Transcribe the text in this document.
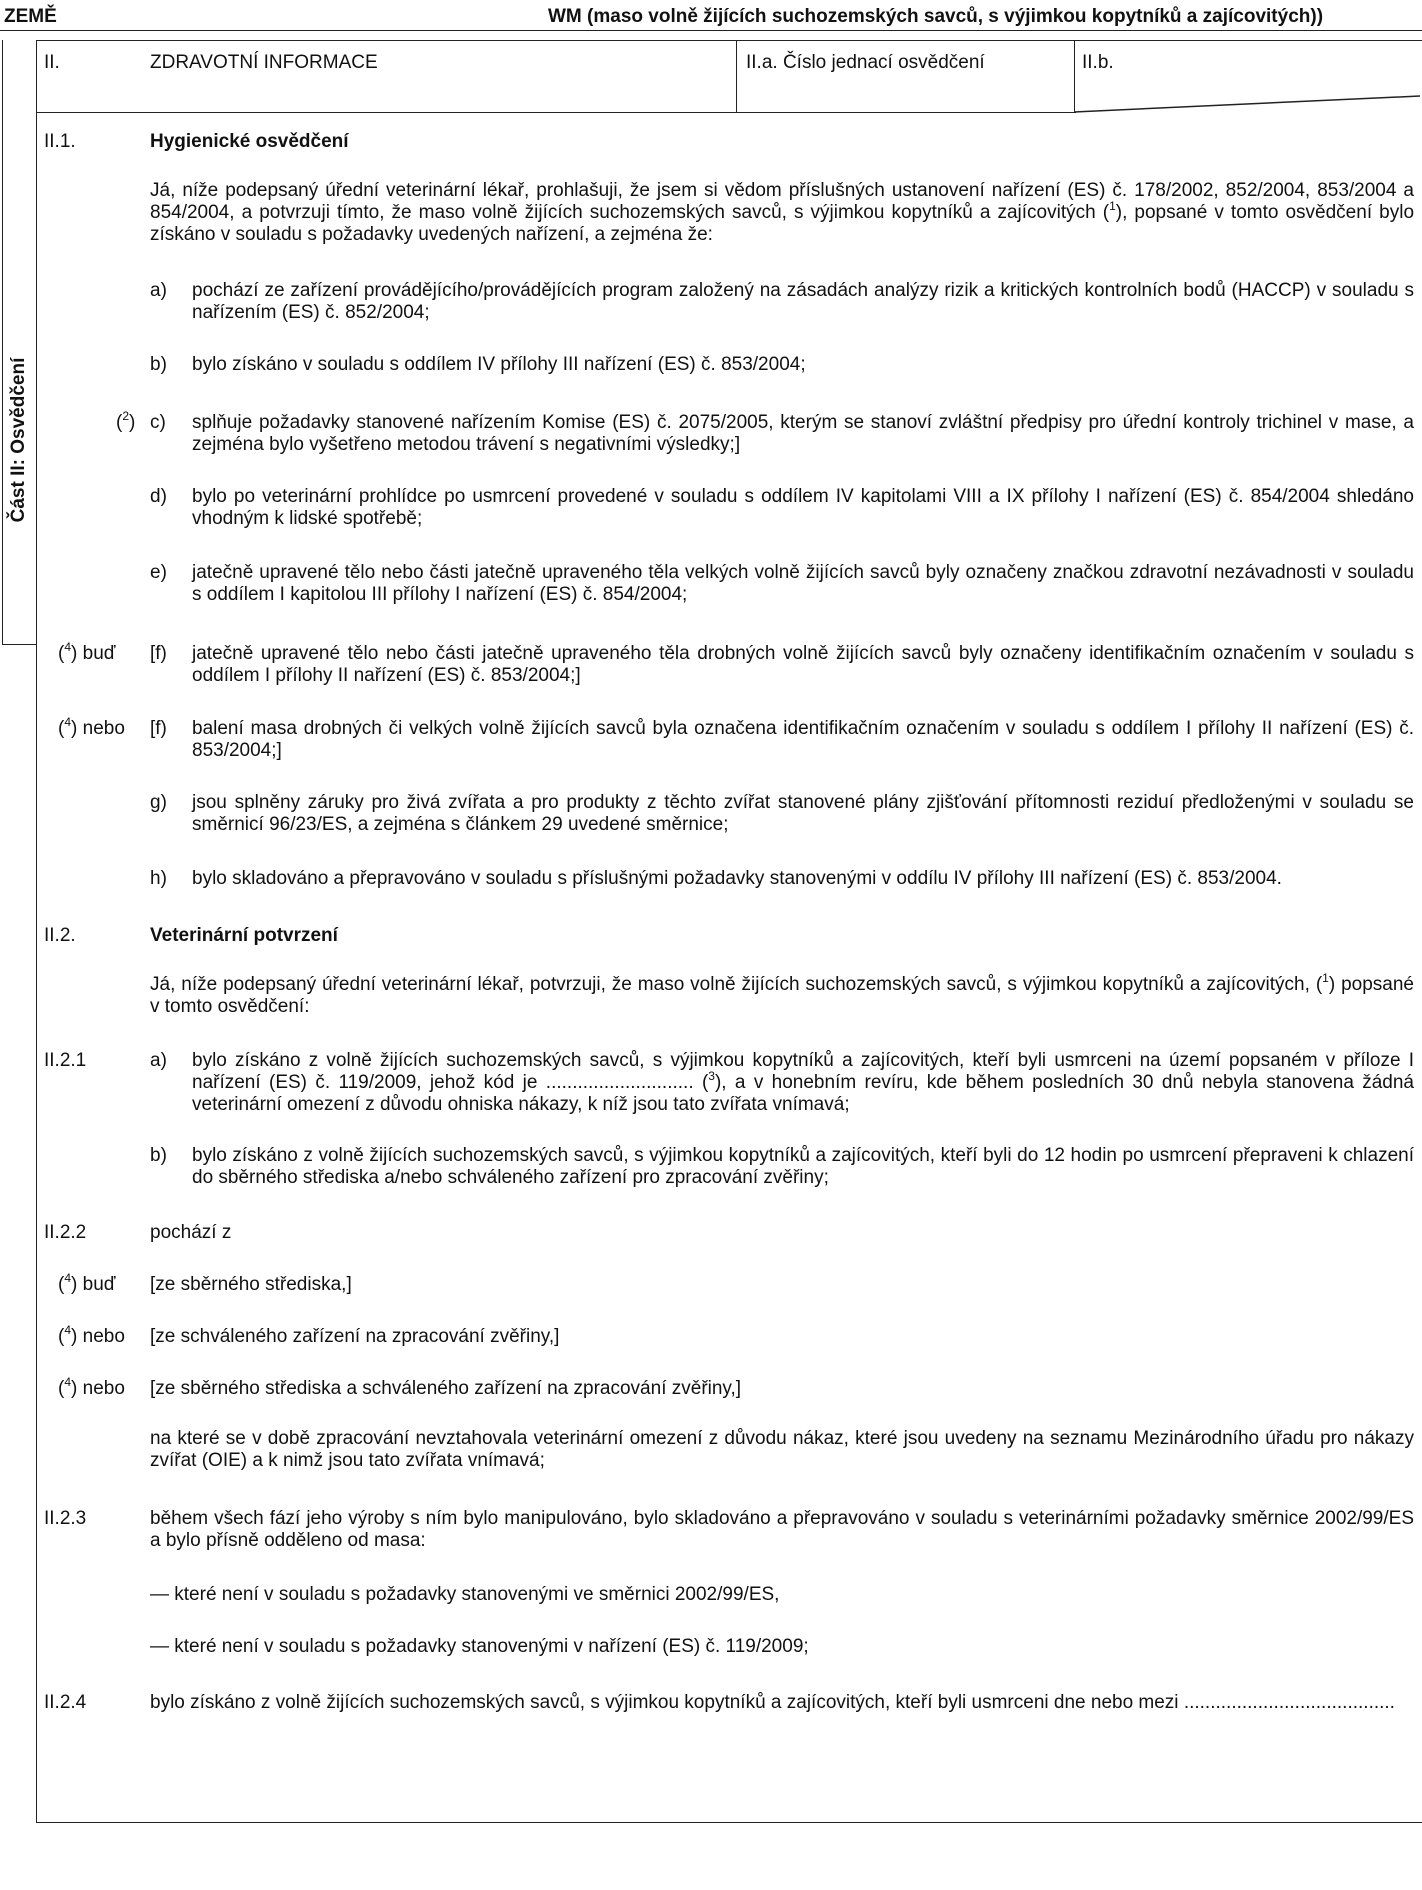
Část II: Osvědčení
ZEMĚ	WM (maso volně žijících suchozemských savců, s výjimkou kopytníků a zajícovitých))
II.	ZDRAVOTNÍ INFORMACE	II.a. Číslo jednací osvědčení	II.b.
II.1.	Hygienické osvědčení
Já, níže podepsaný úřední veterinární lékař, prohlašuji, že jsem si vědom příslušných ustanovení nařízení (ES) č. 178/2002, 852/2004, 853/2004 a 854/2004, a potvrzuji tímto, že maso volně žijících suchozemských savců, s výjimkou kopytníků a zajícovitých ($^1$), popsané v tomto osvědčení bylo získáno v souladu s požadavky uvedených nařízení, a zejména že:
a) pochází ze zařízení provádějícího/provádějících program založený na zásadách analýzy rizik a kritických kontrolních bodů (HACCP) v souladu s nařízením (ES) č. 852/2004;
b) bylo získáno v souladu s oddílem IV přílohy III nařízení (ES) č. 853/2004;
($^2$) c) splňuje požadavky stanovené nařízením Komise (ES) č. 2075/2005, kterým se stanoví zvláštní předpisy pro úřední kontroly trichinel v mase, a zejména bylo vyšetřeno metodou trávení s negativními výsledky;]
d) bylo po veterinární prohlídce po usmrcení provedené v souladu s oddílem IV kapitolami VIII a IX přílohy I nařízení (ES) č. 854/2004 shledáno vhodným k lidské spotřebě;
e) jatečně upravené tělo nebo části jatečně upraveného těla velkých volně žijících savců byly označeny značkou zdravotní nezávadnosti v souladu s oddílem I kapitolou III přílohy I nařízení (ES) č. 854/2004;
($^4$) buď [f) jatečně upravené tělo nebo části jatečně upraveného těla drobných volně žijících savců byly označeny identifikačním označením v souladu s oddílem I přílohy II nařízení (ES) č. 853/2004;]
($^4$) nebo [f) balení masa drobných či velkých volně žijících savců byla označena identifikačním označením v souladu s oddílem I přílohy II nařízení (ES) č. 853/2004;]
g) jsou splněny záruky pro živá zvířata a pro produkty z těchto zvířat stanovené plány zjišťování přítomnosti reziduí předloženými v souladu se směrnicí 96/23/ES, a zejména s článkem 29 uvedené směrnice;
h) bylo skladováno a přepravováno v souladu s příslušnými požadavky stanovenými v oddílu IV přílohy III nařízení (ES) č. 853/2004.
II.2.	Veterinární potvrzení
Já, níže podepsaný úřední veterinární lékař, potvrzuji, že maso volně žijících suchozemských savců, s výjimkou kopytníků a zajícovitých, ($^1$) popsané v tomto osvědčení:
II.2.1	a) bylo získáno z volně žijících suchozemských savců, s výjimkou kopytníků a zajícovitých, kteří byli usmrceni na území popsaném v příloze I nařízení (ES) č. 119/2009, jehož kód je ............................ ($^3$), a v honebním revíru, kde během posledních 30 dnů nebyla stanovena žádná veterinární omezení z důvodu ohniska nákazy, k níž jsou tato zvířata vnímavá;
b) bylo získáno z volně žijících suchozemských savců, s výjimkou kopytníků a zajícovitých, kteří byli do 12 hodin po usmrcení přepraveni k chlazení do sběrného střediska a/nebo schváleného zařízení pro zpracování zvěřiny;
II.2.2	pochází z
($^4$) buď [ze sběrného střediska,]
($^4$) nebo [ze schváleného zařízení na zpracování zvěřiny,]
($^4$) nebo [ze sběrného střediska a schváleného zařízení na zpracování zvěřiny,]
na které se v době zpracování nevztahovala veterinární omezení z důvodu nákaz, které jsou uvedeny na seznamu Mezinárodního úřadu pro nákazy zvířat (OIE) a k nimž jsou tato zvířata vnímavá;
II.2.3	během všech fází jeho výroby s ním bylo manipulováno, bylo skladováno a přepravováno v souladu s veterinárními požadavky směrnice 2002/99/ES a bylo přísně odděleno od masa:
— které není v souladu s požadavky stanovenými ve směrnici 2002/99/ES,
— které není v souladu s požadavky stanovenými v nařízení (ES) č. 119/2009;
II.2.4	bylo získáno z volně žijících suchozemských savců, s výjimkou kopytníků a zajícovitých, kteří byli usmrceni dne nebo mezi ........................................
